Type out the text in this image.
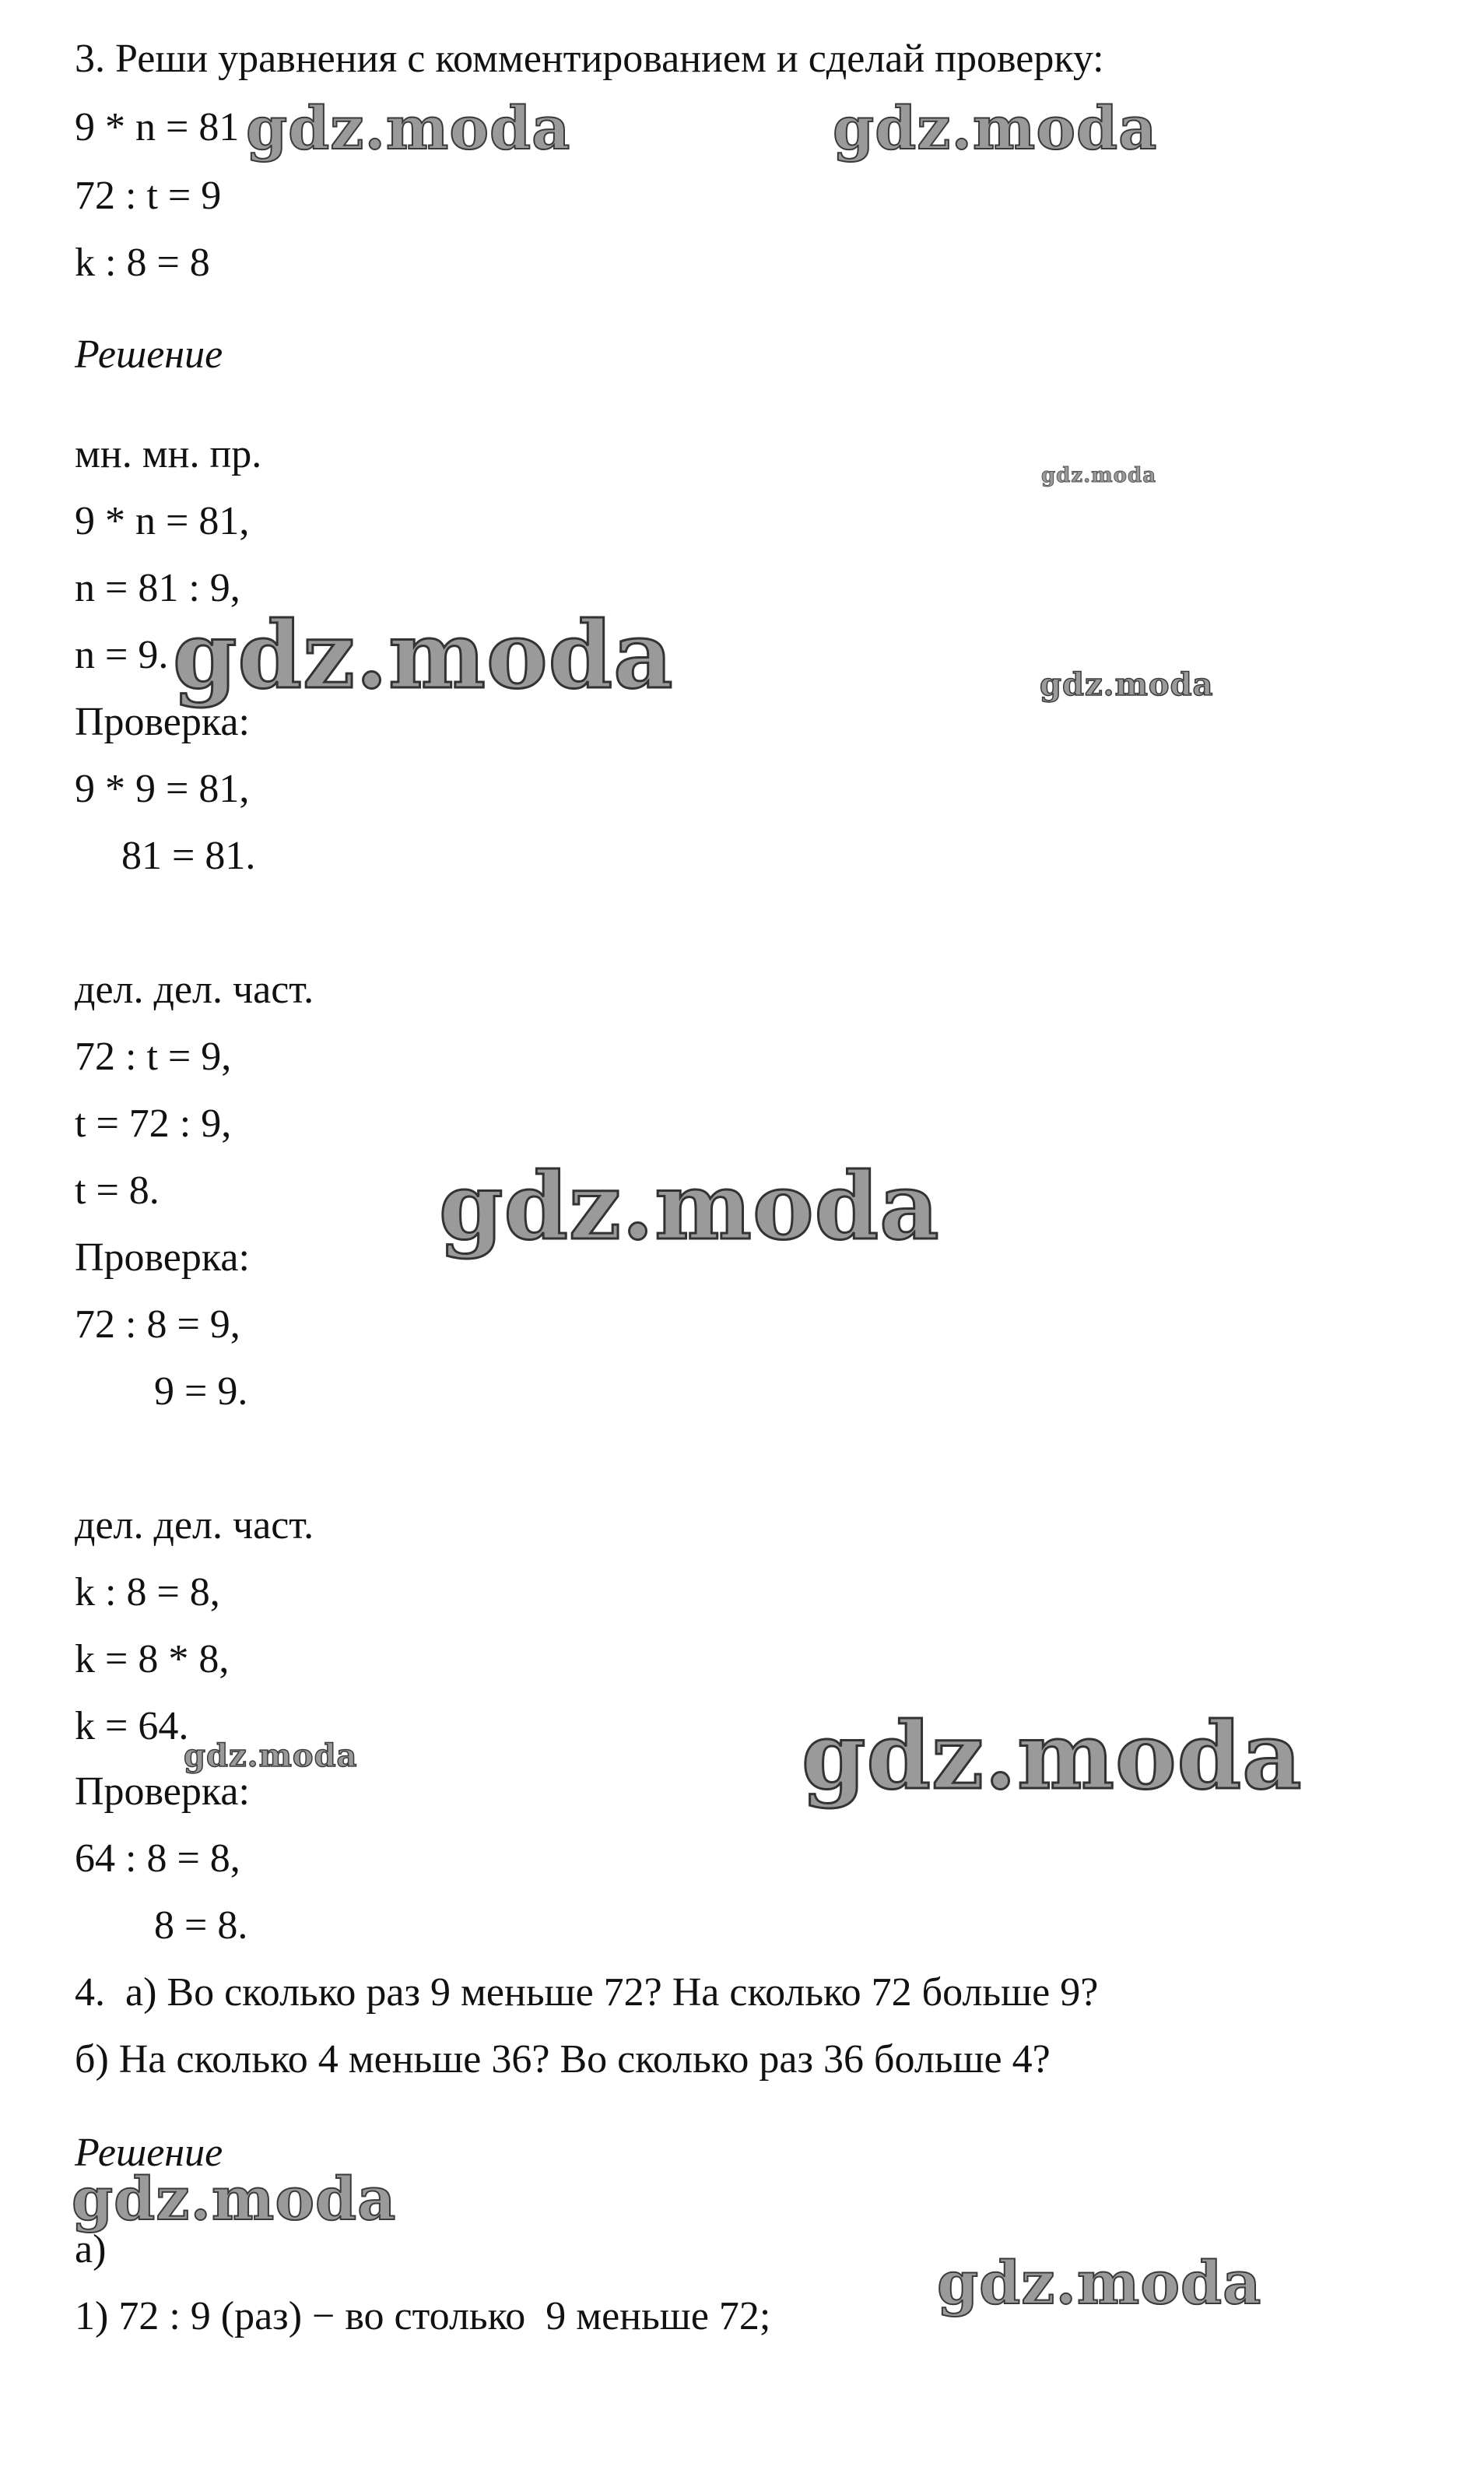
3. Реши уравнения с комментированием и сделай проверку:

9 * n = 81

72 : t = 9

k : 8 = 8

Решение

мн. мн. пр.

9 * n = 81,

n = 81 : 9,

n = 9.

Проверка:

9 * 9 = 81,

81 = 81.

дел. дел. част.

72 : t = 9,

t = 72 : 9,

t = 8.

Проверка:

72 : 8 = 9,

9 = 9.

дел. дел. част.

k : 8 = 8,

k = 8 * 8,

k = 64.

Проверка:

64 : 8 = 8,

8 = 8.

4.  а) Во сколько раз 9 меньше 72? На сколько 72 больше 9?

б) На сколько 4 меньше 36? Во сколько раз 36 больше 4?

Решение

а)

1) 72 : 9 (раз) − во столько  9 меньше 72;

gdz.moda	gdz.moda
gdz.moda
gdz.moda	gdz.moda
gdz.moda
gdz.moda
gdz.moda
gdz.moda
gdz.moda
